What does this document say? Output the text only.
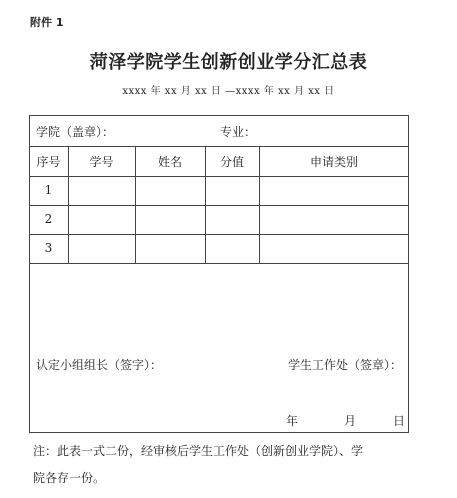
附件 1
菏泽学院学生创新创业学分汇总表
xxxx 年 xx 月 xx 日 —xxxx 年 xx 月 xx 日
学院（盖章）：	专业：
序号	学号	姓名	分值	申请类别
1
2
3
认定小组组长（签字）：	学生工作处（签章）：
年	月	日
注：此表一式二份，经审核后学生工作处（创新创业学院）、学
院各存一份。
